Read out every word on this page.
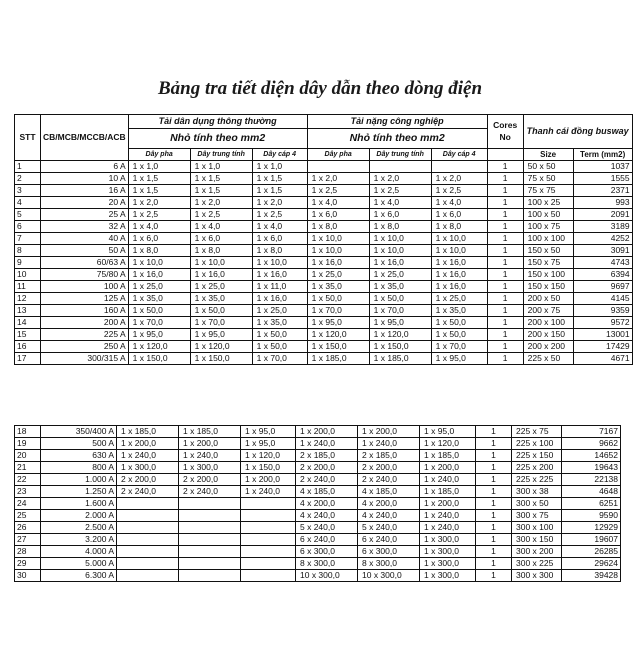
Bảng tra tiết diện dây dẫn theo dòng điện
STT	CB/MCB/MCCB/ACB	Tải dân dụng thông thường			Tải nặng công nghiệp			Cores No	Thanh cái đồng busway	
		Nhỏ tính theo mm2			Nhỏ tính theo mm2					
		Dây pha	Dây trung tính	Dây cáp 4	Dây pha	Dây trung tính	Dây cáp 4		Size	Term (mm2)
1	6 A	1 x 1,0	1 x 1,0	1 x 1,0				1	50 x 50	1037
2	10 A	1 x 1,5	1 x 1,5	1 x 1,5	1 x 2,0	1 x 2,0	1 x 2,0	1	75 x 50	1555
3	16 A	1 x 1,5	1 x 1,5	1 x 1,5	1 x 2,5	1 x 2,5	1 x 2,5	1	75 x 75	2371
4	20 A	1 x 2,0	1 x 2,0	1 x 2,0	1 x 4,0	1 x 4,0	1 x 4,0	1	100 x 25	993
5	25 A	1 x 2,5	1 x 2,5	1 x 2,5	1 x 6,0	1 x 6,0	1 x 6,0	1	100 x 50	2091
6	32 A	1 x 4,0	1 x 4,0	1 x 4,0	1 x 8,0	1 x 8,0	1 x 8,0	1	100 x 75	3189
7	40 A	1 x 6,0	1 x 6,0	1 x 6,0	1 x 10,0	1 x 10,0	1 x 10,0	1	100 x 100	4252
8	50 A	1 x 8,0	1 x 8,0	1 x 8,0	1 x 10,0	1 x 10,0	1 x 10,0	1	150 x 50	3091
9	60/63 A	1 x 10,0	1 x 10,0	1 x 10,0	1 x 16,0	1 x 16,0	1 x 16,0	1	150 x 75	4743
10	75/80 A	1 x 16,0	1 x 16,0	1 x 16,0	1 x 25,0	1 x 25,0	1 x 16,0	1	150 x 100	6394
11	100 A	1 x 25,0	1 x 25,0	1 x 11,0	1 x 35,0	1 x 35,0	1 x 16,0	1	150 x 150	9697
12	125 A	1 x 35,0	1 x 35,0	1 x 16,0	1 x 50,0	1 x 50,0	1 x 25,0	1	200 x 50	4145
13	160 A	1 x 50,0	1 x 50,0	1 x 25,0	1 x 70,0	1 x 70,0	1 x 35,0	1	200 x 75	9359
14	200 A	1 x 70,0	1 x 70,0	1 x 35,0	1 x 95,0	1 x 95,0	1 x 50,0	1	200 x 100	9572
15	225 A	1 x 95,0	1 x 95,0	1 x 50,0	1 x 120,0	1 x 120,0	1 x 50,0	1	200 x 150	13001
16	250 A	1 x 120,0	1 x 120,0	1 x 50,0	1 x 150,0	1 x 150,0	1 x 70,0	1	200 x 200	17429
17	300/315 A	1 x 150,0	1 x 150,0	1 x 70,0	1 x 185,0	1 x 185,0	1 x 95,0	1	225 x 50	4671
18	350/400 A	1 x 185,0	1 x 185,0	1 x 95,0	1 x 200,0	1 x 200,0	1 x 95,0	1	225 x 75	7167
19	500 A	1 x 200,0	1 x 200,0	1 x 95,0	1 x 240,0	1 x 240,0	1 x 120,0	1	225 x 100	9662
20	630 A	1 x 240,0	1 x 240,0	1 x 120,0	2 x 185,0	2 x 185,0	1 x 185,0	1	225 x 150	14652
21	800 A	1 x 300,0	1 x 300,0	1 x 150,0	2 x 200,0	2 x 200,0	1 x 200,0	1	225 x 200	19643
22	1.000 A	2 x 200,0	2 x 200,0	1 x 200,0	2 x 240,0	2 x 240,0	1 x 240,0	1	225 x 225	22138
23	1.250 A	2 x 240,0	2 x 240,0	1 x 240,0	4 x 185,0	4 x 185,0	1 x 185,0	1	300 x 38	4648
24	1.600 A				4 x 200,0	4 x 200,0	1 x 200,0	1	300 x 50	6251
25	2.000 A				4 x 240,0	4 x 240,0	1 x 240,0	1	300 x 75	9590
26	2.500 A				5 x 240,0	5 x 240,0	1 x 240,0	1	300 x 100	12929
27	3.200 A				6 x 240,0	6 x 240,0	1 x 300,0	1	300 x 150	19607
28	4.000 A				6 x 300,0	6 x 300,0	1 x 300,0	1	300 x 200	26285
29	5.000 A				8 x 300,0	8 x 300,0	1 x 300,0	1	300 x 225	29624
30	6.300 A				10 x 300,0	10 x 300,0	1 x 300,0	1	300 x 300	39428
